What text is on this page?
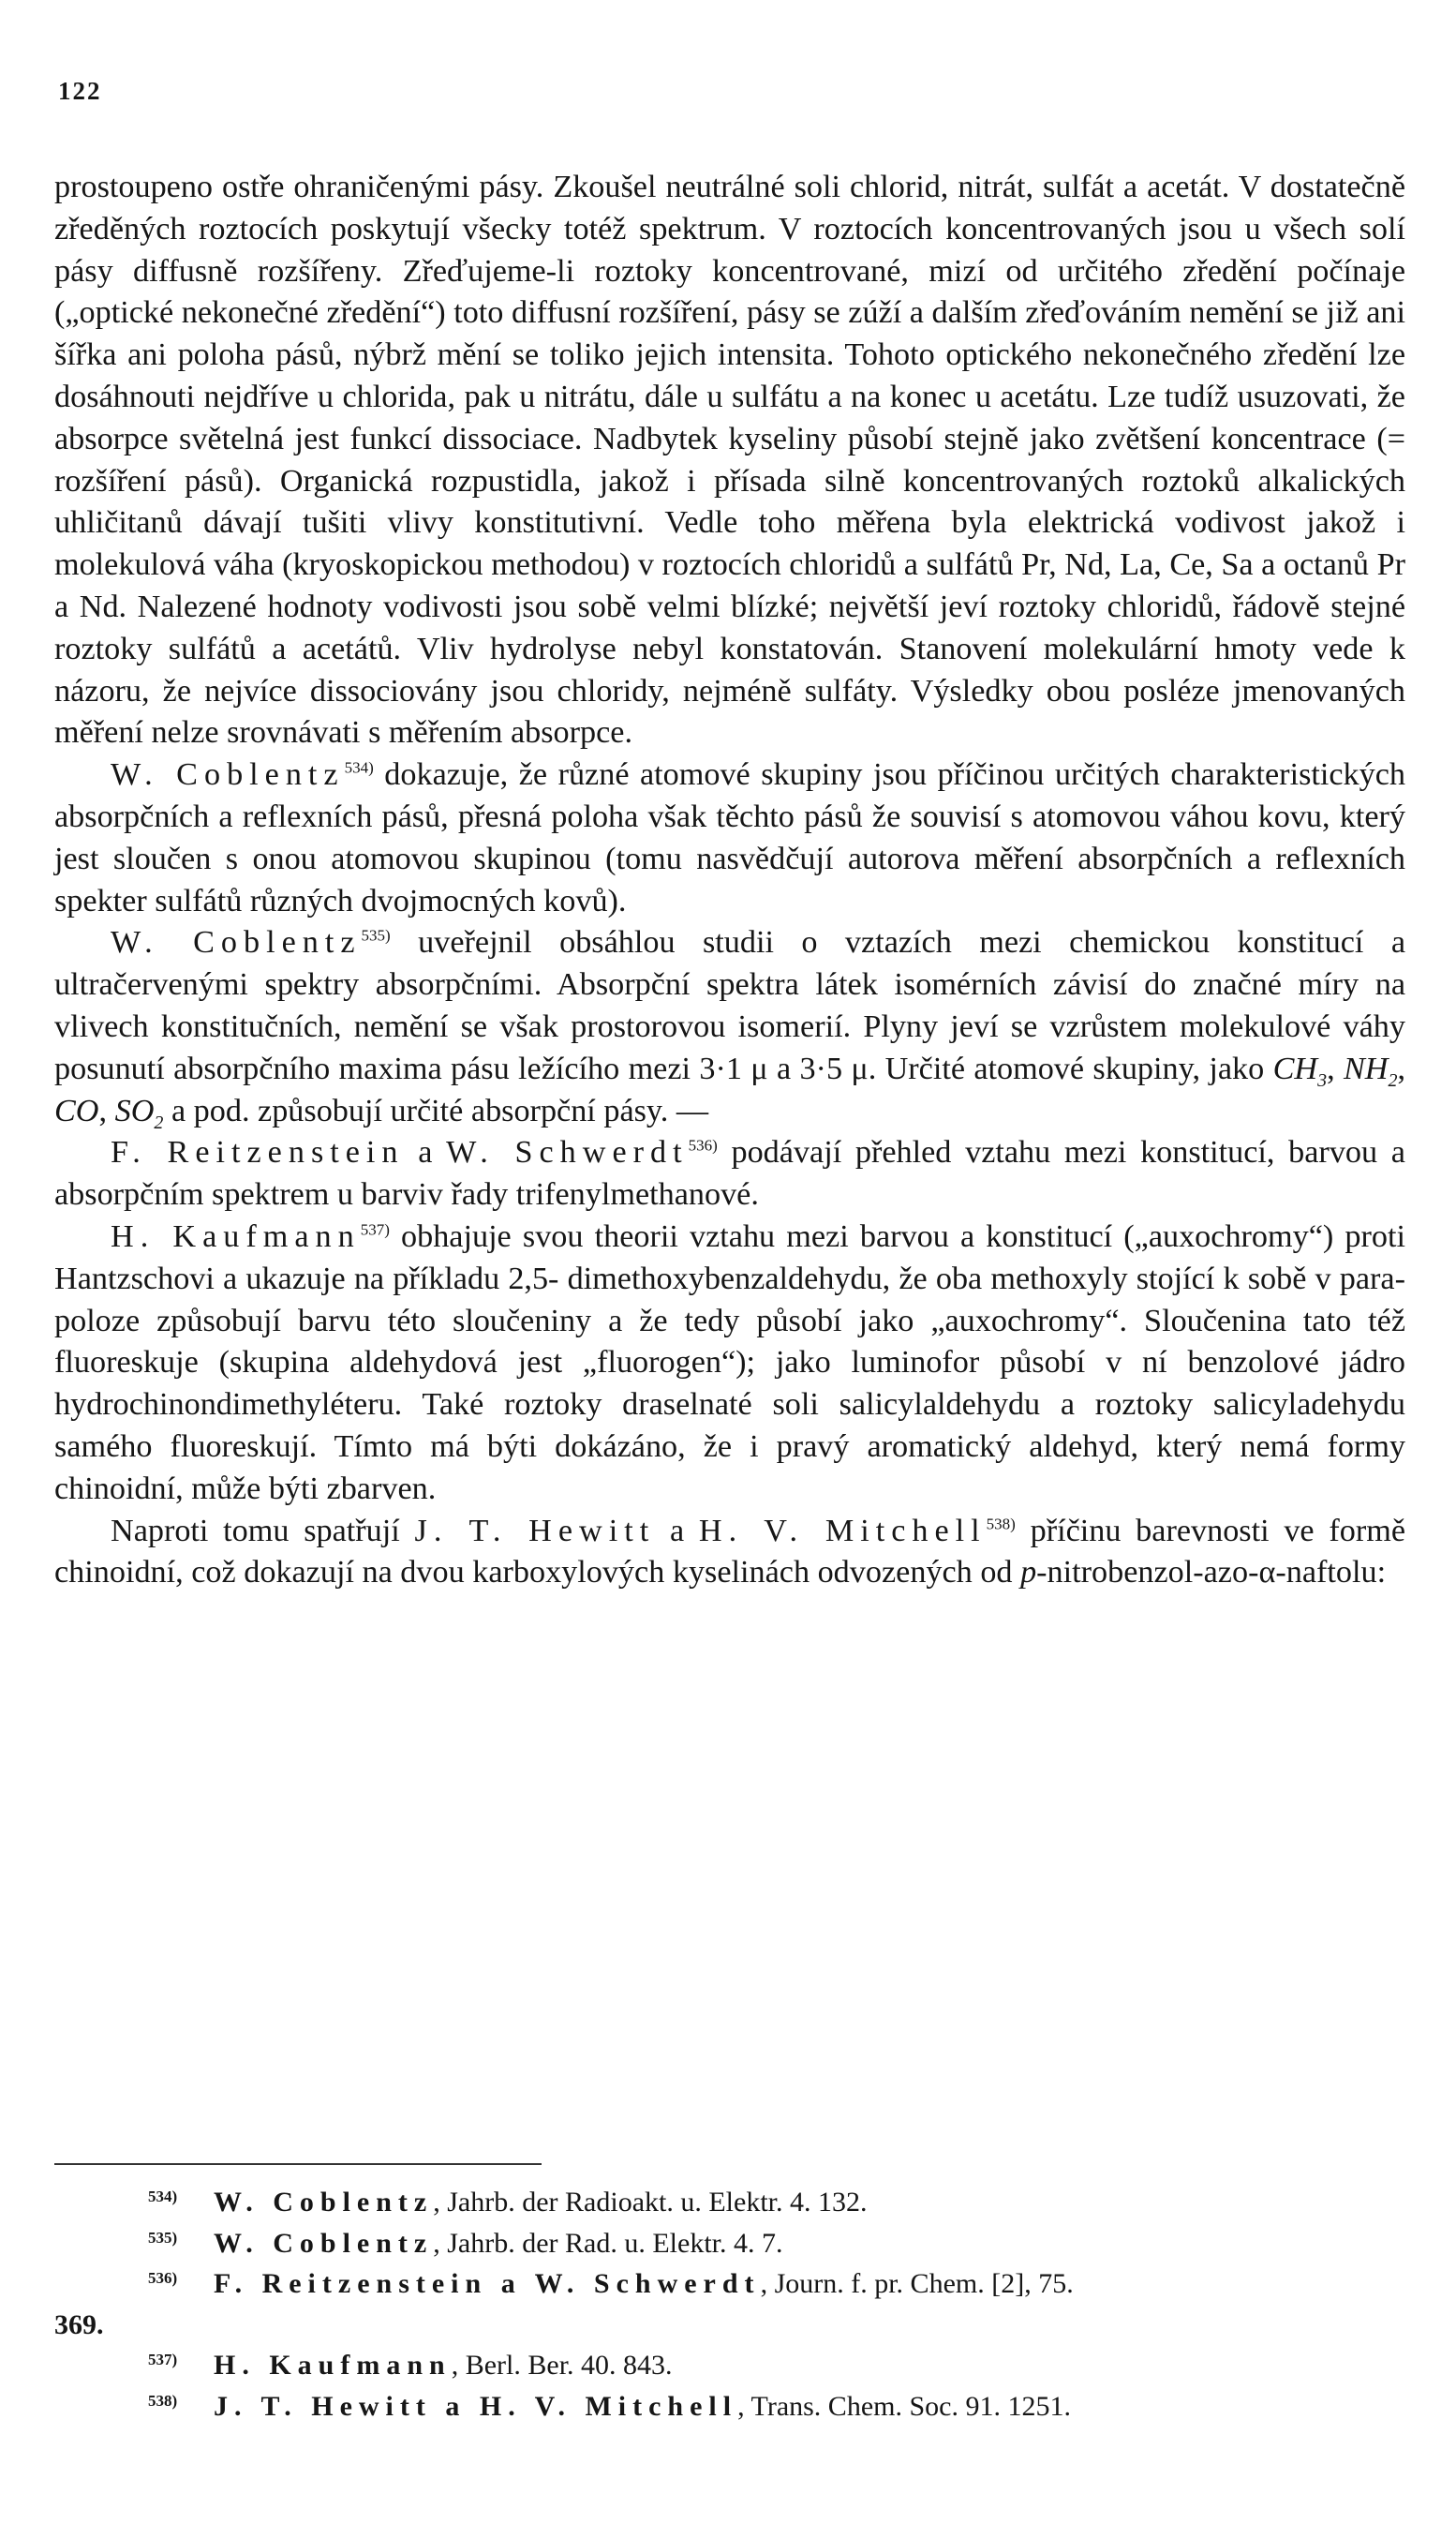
122

prostoupeno ostře ohraničenými pásy. Zkoušel neutrálné soli chlorid, nitrát, sulfát a acetát. V dostatečně zředěných roztocích poskytují všecky totéž spektrum. V roztocích koncentrovaných jsou u všech solí pásy diffusně rozšířeny. Zřeďujeme-li roztoky koncentrované, mizí od určitého zředění počínaje („optické nekonečné zředění“) toto diffusní rozšíření, pásy se zúží a dalším zřeďováním nemění se již ani šířka ani poloha pásů, nýbrž mění se toliko jejich intensita. Tohoto optického nekonečného zředění lze dosáhnouti nejdříve u chlorida, pak u nitrátu, dále u sulfátu a na konec u acetátu. Lze tudíž usuzovati, že absorpce světelná jest funkcí dissociace. Nadbytek kyseliny působí stejně jako zvětšení koncentrace (= rozšíření pásů). Organická rozpustidla, jakož i přísada silně koncentrovaných roztoků alkalických uhličitanů dávají tušiti vlivy konstitutivní. Vedle toho měřena byla elektrická vodivost jakož i molekulová váha (kryoskopickou methodou) v roztocích chloridů a sulfátů Pr, Nd, La, Ce, Sa a octanů Pr a Nd. Nalezené hodnoty vodivosti jsou sobě velmi blízké; největší jeví roztoky chloridů, řádově stejné roztoky sulfátů a acetátů. Vliv hydrolyse nebyl konstatován. Stanovení molekulární hmoty vede k názoru, že nejvíce dissociovány jsou chloridy, nejméně sulfáty. Výsledky obou posléze jmenovaných měření nelze srovnávati s měřením absorpce.

W. Coblentz$^{534)}$ dokazuje, že různé atomové skupiny jsou příčinou určitých charakteristických absorpčních a reflexních pásů, přesná poloha však těchto pásů že souvisí s atomovou váhou kovu, který jest sloučen s onou atomovou skupinou (tomu nasvědčují autorova měření absorpčních a reflexních spekter sulfátů různých dvojmocných kovů).

W. Coblentz$^{535)}$ uveřejnil obsáhlou studii o vztazích mezi chemickou konstitucí a ultračervenými spektry absorpčními. Absorpční spektra látek isomérních závisí do značné míry na vlivech konstitučních, nemění se však prostorovou isomerií. Plyny jeví se vzrůstem molekulové váhy posunutí absorpčního maxima pásu ležícího mezi 3·1 μ a 3·5 μ. Určité atomové skupiny, jako $CH_3$, $NH_2$, CO, $SO_2$ a pod. způsobují určité absorpční pásy. —

F. Reitzenstein a W. Schwerdt$^{536)}$ podávají přehled vztahu mezi konstitucí, barvou a absorpčním spektrem u barviv řady trifenylmethanové.

H. Kaufmann$^{537)}$ obhajuje svou theorii vztahu mezi barvou a konstitucí („auxochromy“) proti Hantzschovi a ukazuje na příkladu 2,5- dimethoxybenzaldehydu, že oba methoxyly stojící k sobě v para-poloze způsobují barvu této sloučeniny a že tedy působí jako „auxochromy“. Sloučenina tato též fluoreskuje (skupina aldehydová jest „fluorogen“); jako luminofor působí v ní benzolové jádro hydrochinondimethyléteru. Také roztoky draselnaté soli salicylaldehydu a roztoky salicyladehydu samého fluoreskují. Tímto má býti dokázáno, že i pravý aromatický aldehyd, který nemá formy chinoidní, může býti zbarven.

Naproti tomu spatřují J. T. Hewitt a H. V. Mitchell$^{538)}$ příčinu barevnosti ve formě chinoidní, což dokazují na dvou karboxylových kyselinách odvozených od p-nitrobenzol-azo-α-naftolu:

534) W. Coblentz, Jahrb. der Radioakt. u. Elektr. 4. 132.
535) W. Coblentz, Jahrb. der Rad. u. Elektr. 4. 7.
536) F. Reitzenstein a W. Schwerdt, Journ. f. pr. Chem. [2], 75.
369.
537) H. Kaufmann, Berl. Ber. 40. 843.
538) J. T. Hewitt a H. V. Mitchell, Trans. Chem. Soc. 91. 1251.
